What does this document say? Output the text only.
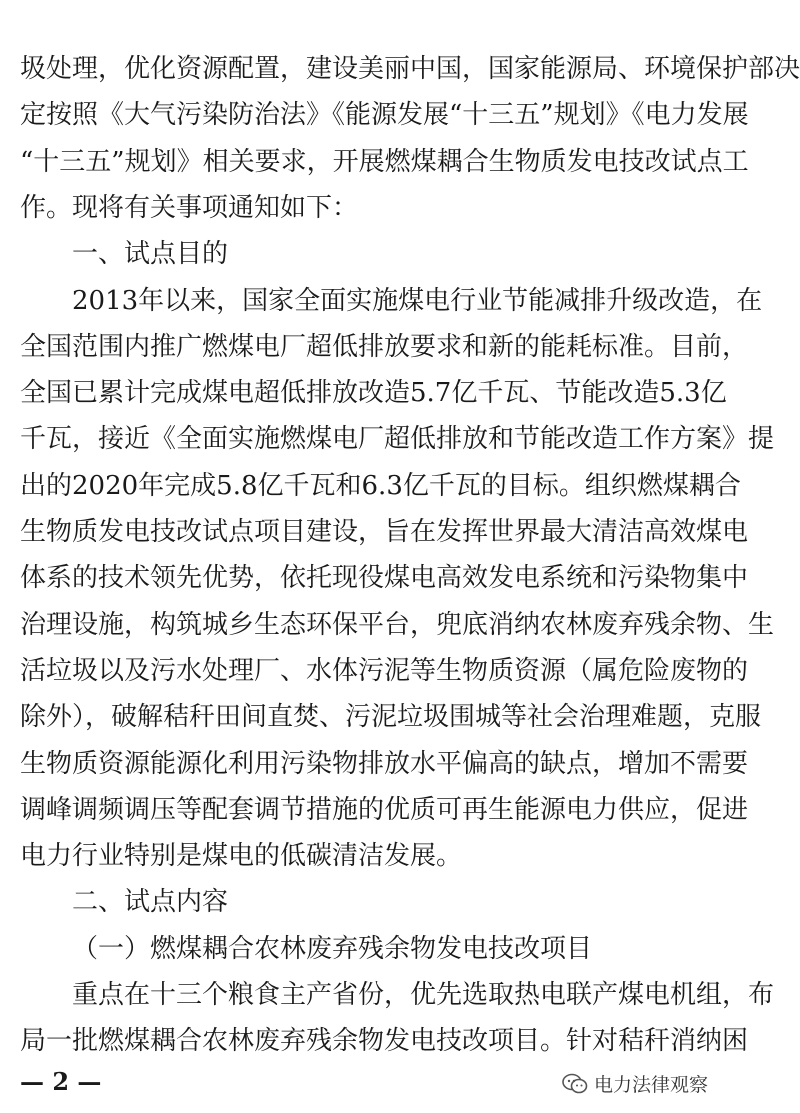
圾处理，优化资源配置，建设美丽中国，国家能源局、环境保护部决
定按照《大气污染防治法》《能源发展“十三五”规划》《电力发展
“十三五”规划》相关要求，开展燃煤耦合生物质发电技改试点工
作。现将有关事项通知如下：
一、试点目的
2013年以来，国家全面实施煤电行业节能减排升级改造，在
全国范围内推广燃煤电厂超低排放要求和新的能耗标准。目前，
全国已累计完成煤电超低排放改造5.7亿千瓦、节能改造5.3亿
千瓦，接近《全面实施燃煤电厂超低排放和节能改造工作方案》提
出的2020年完成5.8亿千瓦和6.3亿千瓦的目标。组织燃煤耦合
生物质发电技改试点项目建设，旨在发挥世界最大清洁高效煤电
体系的技术领先优势，依托现役煤电高效发电系统和污染物集中
治理设施，构筑城乡生态环保平台，兜底消纳农林废弃残余物、生
活垃圾以及污水处理厂、水体污泥等生物质资源（属危险废物的
除外），破解秸秆田间直焚、污泥垃圾围城等社会治理难题，克服
生物质资源能源化利用污染物排放水平偏高的缺点，增加不需要
调峰调频调压等配套调节措施的优质可再生能源电力供应，促进
电力行业特别是煤电的低碳清洁发展。
二、试点内容
（一）燃煤耦合农林废弃残余物发电技改项目
重点在十三个粮食主产省份，优先选取热电联产煤电机组，布
局一批燃煤耦合农林废弃残余物发电技改项目。针对秸秆消纳困
— 2 —	电力法律观察
